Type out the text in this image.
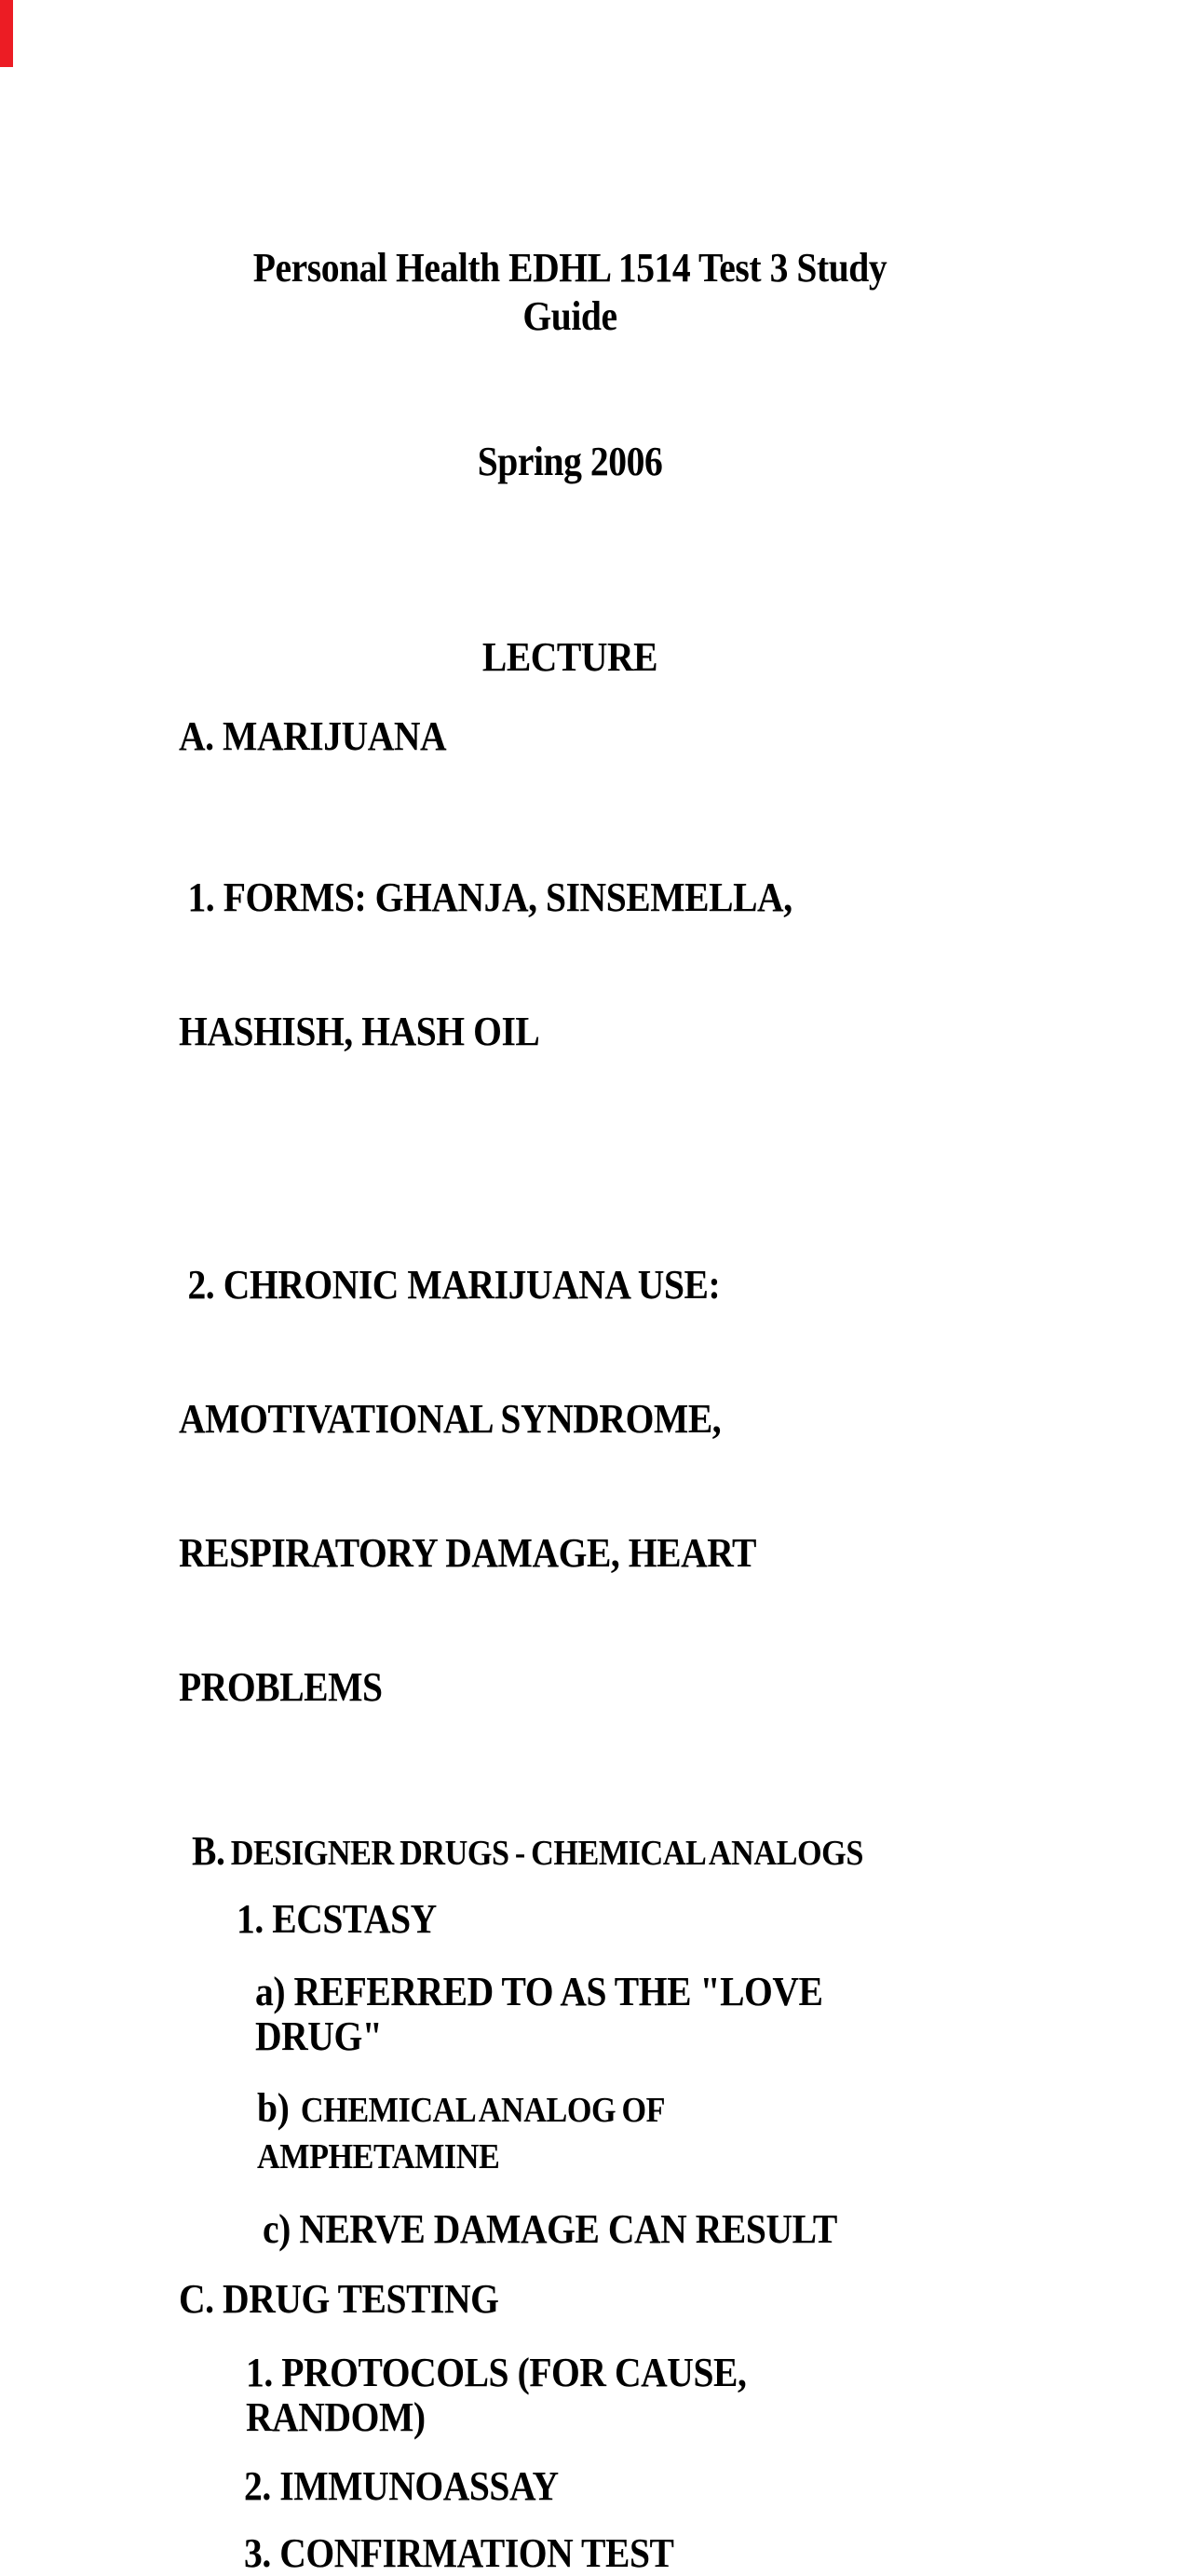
Personal Health EDHL 1514 Test 3 Study Guide

Spring 2006

LECTURE
A. MARIJUANA

1. FORMS: GHANJA, SINSEMELLA,

HASHISH, HASH OIL

2. CHRONIC MARIJUANA USE:

AMOTIVATIONAL SYNDROME,

RESPIRATORY DAMAGE, HEART

PROBLEMS

B. DESIGNER DRUGS - CHEMICAL ANALOGS
1. ECSTASY
a) REFERRED TO AS THE "LOVE DRUG"
b)  CHEMICAL ANALOG OF AMPHETAMINE
c) NERVE DAMAGE CAN RESULT
C. DRUG TESTING
1. PROTOCOLS (FOR CAUSE, RANDOM)
2. IMMUNOASSAY
3. CONFIRMATION TEST
